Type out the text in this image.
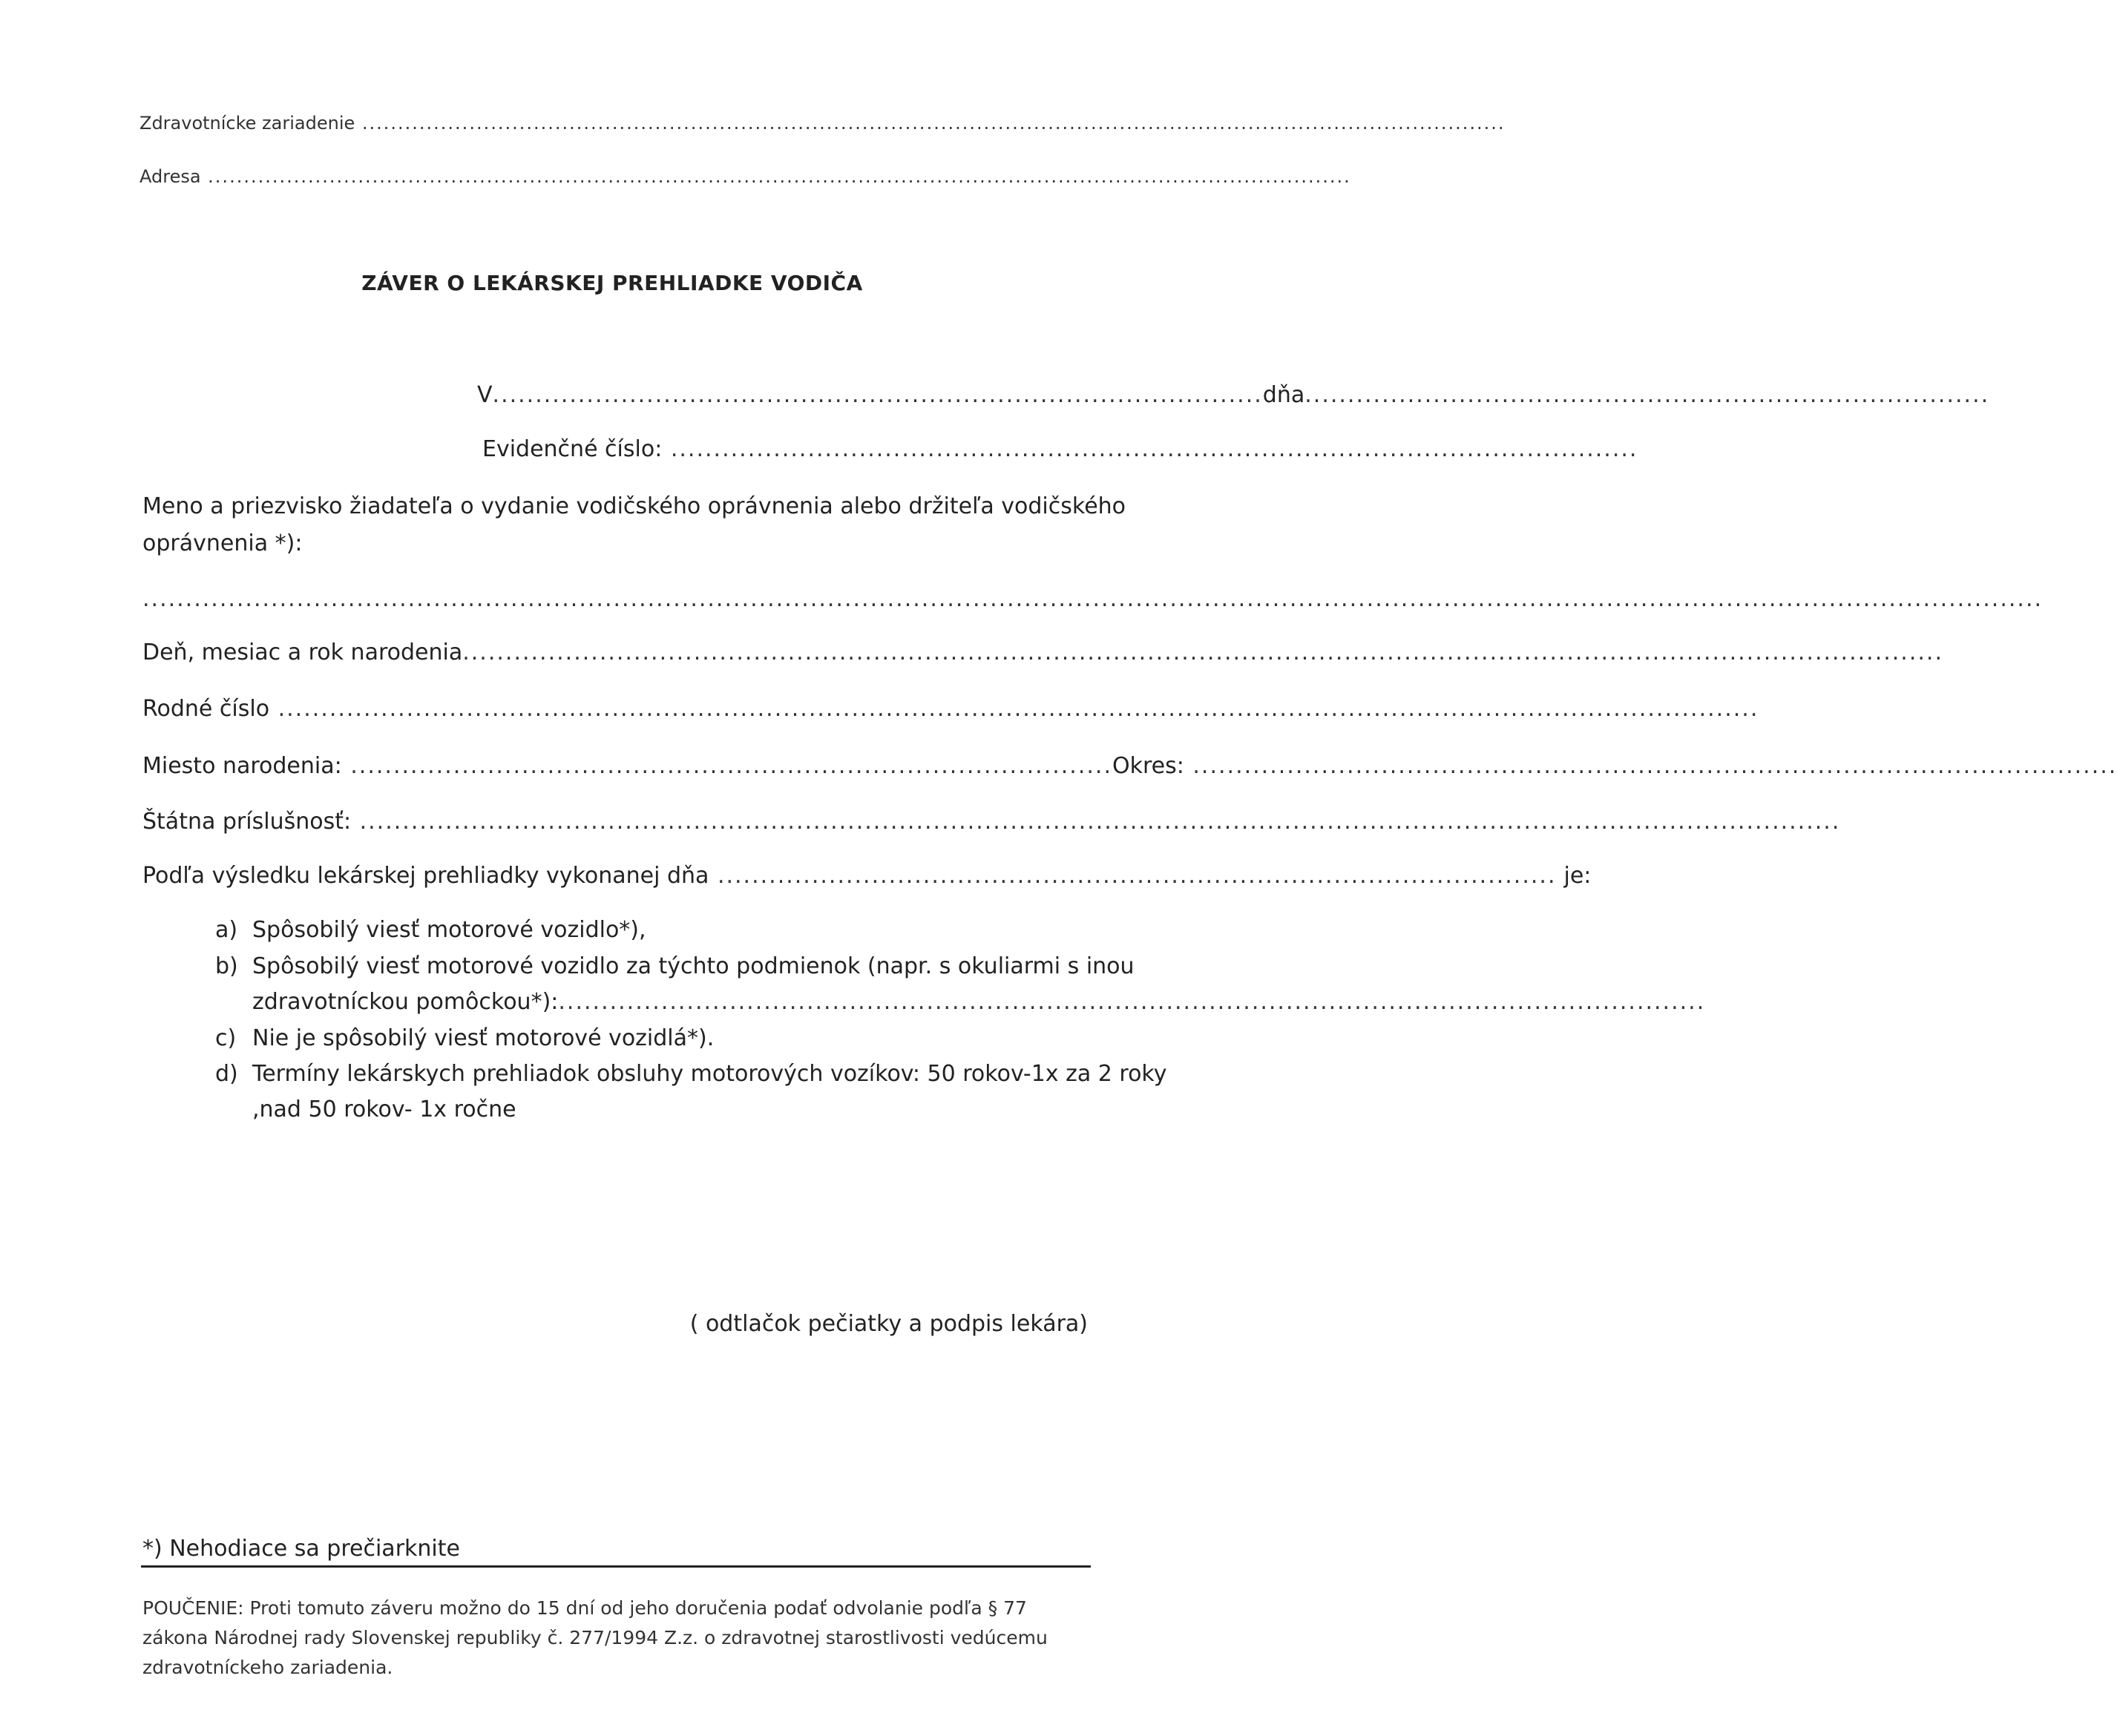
Zdravotnícke zariadenie ................................................................................................................................................................
Adresa ................................................................................................................................................................
ZÁVER O LEKÁRSKEJ PREHLIADKE VODIČA
V .......................................................................................... dňa ................................................................................
Evidenčné číslo: .................................................................................................................
Meno a priezvisko žiadateľa o vydanie vodičského oprávnenia alebo držiteľa vodičského
oprávnenia *):
..............................................................................................................................................................................................................................
Deň, mesiac a rok narodenia .............................................................................................................................................................................
Rodné číslo .............................................................................................................................................................................
Miesto narodenia: ......................................................................................... Okres: ............................................................................................................
Štátna príslušnosť: .............................................................................................................................................................................
Podľa výsledku lekárskej prehliadky vykonanej dňa .................................................................................................. je:
a) Spôsobilý viesť motorové vozidlo*),
b) Spôsobilý viesť motorové vozidlo za týchto podmienok (napr. s okuliarmi s inou
zdravotníckou pomôckou*): ......................................................................................................................................
c) Nie je spôsobilý viesť motorové vozidlá*).
d) Termíny lekárskych prehliadok obsluhy motorových vozíkov: 50 rokov-1x za 2 roky
,nad 50 rokov- 1x ročne
( odtlačok pečiatky a podpis lekára)
*) Nehodiace sa prečiarknite
POUČENIE: Proti tomuto záveru možno do 15 dní od jeho doručenia podať odvolanie podľa § 77
zákona Národnej rady Slovenskej republiky č. 277/1994 Z.z. o zdravotnej starostlivosti vedúcemu
zdravotníckeho zariadenia.
